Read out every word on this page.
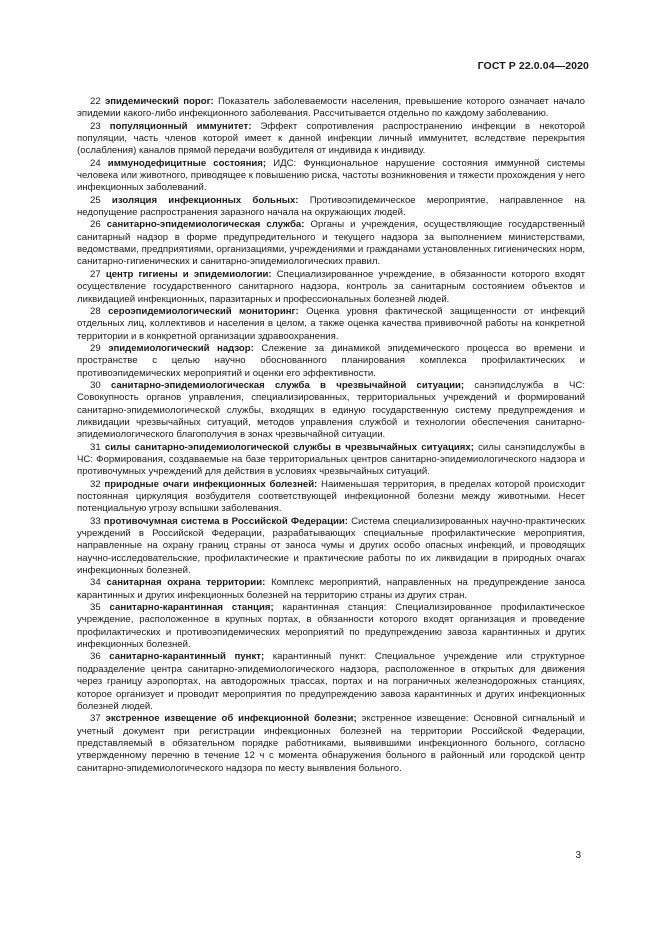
ГОСТ Р 22.0.04—2020

22 эпидемический порог: Показатель заболеваемости населения, превышение которого означает начало эпидемии какого-либо инфекционного заболевания. Рассчитывается отдельно по каждому заболеванию.

23 популяционный иммунитет: Эффект сопротивления распространению инфекции в некоторой популяции, часть членов которой имеет к данной инфекции личный иммунитет, вследствие перекрытия (ослабления) каналов прямой передачи возбудителя от индивида к индивиду.

24 иммунодефицитные состояния; ИДС: Функциональное нарушение состояния иммунной системы человека или животного, приводящее к повышению риска, частоты возникновения и тяжести прохождения у него инфекционных заболеваний.

25 изоляция инфекционных больных: Противоэпидемическое мероприятие, направленное на недопущение распространения заразного начала на окружающих людей.

26 санитарно-эпидемиологическая служба: Органы и учреждения, осуществляющие государственный санитарный надзор в форме предупредительного и текущего надзора за выполнением министерствами, ведомствами, предприятиями, организациями, учреждениями и гражданами установленных гигиенических норм, санитарно-гигиенических и санитарно-эпидемиологических правил.

27 центр гигиены и эпидемиологии: Специализированное учреждение, в обязанности которого входят осуществление государственного санитарного надзора, контроль за санитарным состоянием объектов и ликвидацией инфекционных, паразитарных и профессиональных болезней людей.

28 сероэпидемиологический мониторинг: Оценка уровня фактической защищенности от инфекций отдельных лиц, коллективов и населения в целом, а также оценка качества прививочной работы на конкретной территории и в конкретной организации здравоохранения.

29 эпидемиологический надзор: Слежение за динамикой эпидемического процесса во времени и пространстве с целью научно обоснованного планирования комплекса профилактических и противоэпидемических мероприятий и оценки его эффективности.

30 санитарно-эпидемиологическая служба в чрезвычайной ситуации; санэпидслужба в ЧС: Совокупность органов управления, специализированных, территориальных учреждений и формирований санитарно-эпидемиологической службы, входящих в единую государственную систему предупреждения и ликвидации чрезвычайных ситуаций, методов управления службой и технологии обеспечения санитарно-эпидемиологического благополучия в зонах чрезвычайной ситуации.

31 силы санитарно-эпидемиологической службы в чрезвычайных ситуациях; силы санэпидслужбы в ЧС: Формирования, создаваемые на базе территориальных центров санитарно-эпидемиологического надзора и противочумных учреждений для действия в условиях чрезвычайных ситуаций.

32 природные очаги инфекционных болезней: Наименьшая территория, в пределах которой происходит постоянная циркуляция возбудителя соответствующей инфекционной болезни между животными. Несет потенциальную угрозу вспышки заболевания.

33 противочумная система в Российской Федерации: Система специализированных научно-практических учреждений в Российской Федерации, разрабатывающих специальные профилактические мероприятия, направленные на охрану границ страны от заноса чумы и других особо опасных инфекций, и проводящих научно-исследовательские, профилактические и практические работы по их ликвидации в природных очагах инфекционных болезней.

34 санитарная охрана территории: Комплекс мероприятий, направленных на предупреждение заноса карантинных и других инфекционных болезней на территорию страны из других стран.

35 санитарно-карантинная станция; карантинная станция: Специализированное профилактическое учреждение, расположенное в крупных портах, в обязанности которого входят организация и проведение профилактических и противоэпидемических мероприятий по предупреждению завоза карантинных и других инфекционных болезней.

36 санитарно-карантинный пункт; карантинный пункт: Специальное учреждение или структурное подразделение центра санитарно-эпидемиологического надзора, расположенное в открытых для движения через границу аэропортах, на автодорожных трассах, портах и на пограничных железнодорожных станциях, которое организует и проводит мероприятия по предупреждению завоза карантинных и других инфекционных болезней людей.

37 экстренное извещение об инфекционной болезни; экстренное извещение: Основной сигнальный и учетный документ при регистрации инфекционных болезней на территории Российской Федерации, представляемый в обязательном порядке работниками, выявившими инфекционного больного, согласно утвержденному перечню в течение 12 ч с момента обнаружения больного в районный или городской центр санитарно-эпидемиологического надзора по месту выявления больного.

3
